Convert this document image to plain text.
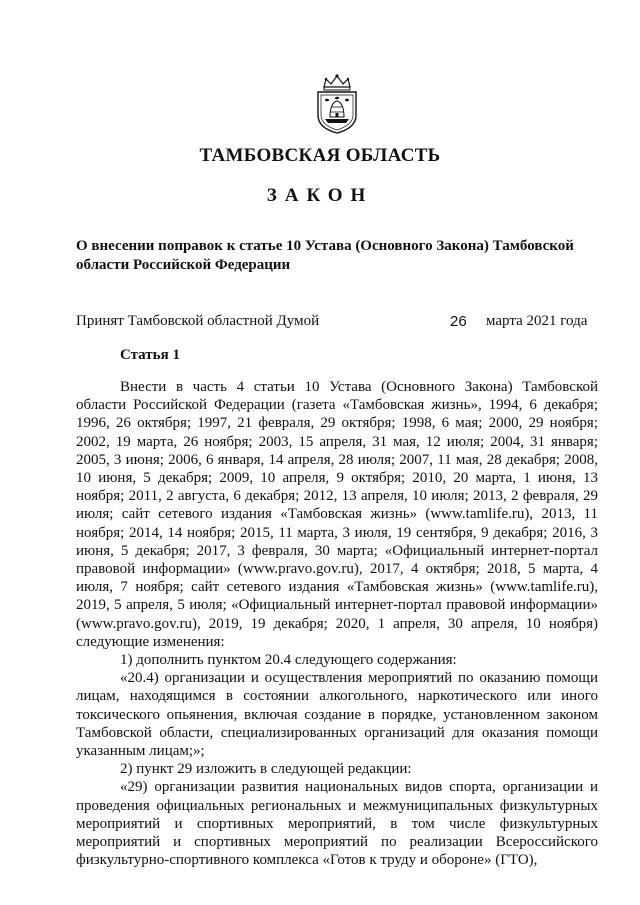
ТАМБОВСКАЯ ОБЛАСТЬ
ЗАКОН
О внесении поправок к статье 10 Устава (Основного Закона) Тамбовской области Российской Федерации
Принят Тамбовской областной Думой	26 марта 2021 года
Статья 1

Внести в часть 4 статьи 10 Устава (Основного Закона) Тамбовской области Российской Федерации (газета «Тамбовская жизнь», 1994, 6 декабря; 1996, 26 октября; 1997, 21 февраля, 29 октября; 1998, 6 мая; 2000, 29 ноября; 2002, 19 марта, 26 ноября; 2003, 15 апреля, 31 мая, 12 июля; 2004, 31 января; 2005, 3 июня; 2006, 6 января, 14 апреля, 28 июля; 2007, 11 мая, 28 декабря; 2008, 10 июня, 5 декабря; 2009, 10 апреля, 9 октября; 2010, 20 марта, 1 июня, 13 ноября; 2011, 2 августа, 6 декабря; 2012, 13 апреля, 10 июля; 2013, 2 февраля, 29 июля; сайт сетевого издания «Тамбовская жизнь» (www.tamlife.ru), 2013, 11 ноября; 2014, 14 ноября; 2015, 11 марта, 3 июля, 19 сентября, 9 декабря; 2016, 3 июня, 5 декабря; 2017, 3 февраля, 30 марта; «Официальный интернет-портал правовой информации» (www.pravo.gov.ru), 2017, 4 октября; 2018, 5 марта, 4 июля, 7 ноября; сайт сетевого издания «Тамбовская жизнь» (www.tamlife.ru), 2019, 5 апреля, 5 июля; «Официальный интернет-портал правовой информации» (www.pravo.gov.ru), 2019, 19 декабря; 2020, 1 апреля, 30 апреля, 10 ноября) следующие изменения:

1) дополнить пунктом 20.4 следующего содержания:

«20.4) организации и осуществления мероприятий по оказанию помощи лицам, находящимся в состоянии алкогольного, наркотического или иного токсического опьянения, включая создание в порядке, установленном законом Тамбовской области, специализированных организаций для оказания помощи указанным лицам;»;

2) пункт 29 изложить в следующей редакции:

«29) организации развития национальных видов спорта, организации и проведения официальных региональных и межмуниципальных физкультурных мероприятий и спортивных мероприятий, в том числе физкультурных мероприятий и спортивных мероприятий по реализации Всероссийского физкультурно-спортивного комплекса «Готов к труду и обороне» (ГТО),
